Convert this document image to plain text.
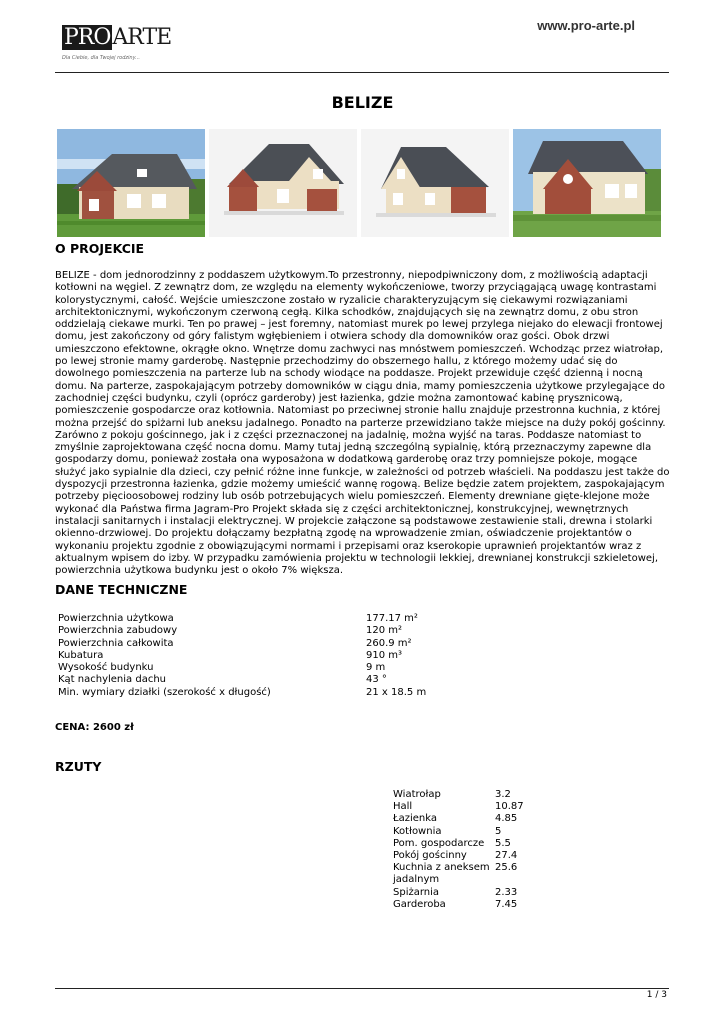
PROARTE
Dla Ciebie, dla Twojej rodziny...
www.pro-arte.pl
BELIZE
O PROJEKCIE
BELIZE - dom jednorodzinny z poddaszem użytkowym.To przestronny, niepodpiwniczony dom, z możliwością adaptacji kotłowni na węgiel. Z zewnątrz dom, ze względu na elementy wykończeniowe, tworzy przyciągającą uwagę kontrastami kolorystycznymi, całość. Wejście umieszczone zostało w ryzalicie charakteryzującym się ciekawymi rozwiązaniami architektonicznymi, wykończonym czerwoną cegłą. Kilka schodków, znajdujących się na zewnątrz domu, z obu stron oddzielają ciekawe murki. Ten po prawej – jest foremny, natomiast murek po lewej przylega niejako do elewacji frontowej domu, jest zakończony od góry falistym wgłębieniem i otwiera schody dla domowników oraz gości. Obok drzwi umieszczono efektowne, okrągłe okno. Wnętrze domu zachwyci nas mnóstwem pomieszczeń. Wchodząc przez wiatrołap, po lewej stronie mamy garderobę. Następnie przechodzimy do obszernego hallu, z którego możemy udać się do dowolnego pomieszczenia na parterze lub na schody wiodące na poddasze. Projekt przewiduje część dzienną i nocną domu. Na parterze, zaspokajającym potrzeby domowników w ciągu dnia, mamy pomieszczenia użytkowe przylegające do zachodniej części budynku, czyli (oprócz garderoby) jest łazienka, gdzie można zamontować kabinę prysznicową, pomieszczenie gospodarcze oraz kotłownia. Natomiast po przeciwnej stronie hallu znajduje przestronna kuchnia, z której można przejść do spiżarni lub aneksu jadalnego. Ponadto na parterze przewidziano także miejsce na duży pokój gościnny. Zarówno z pokoju gościnnego, jak i z części przeznaczonej na jadalnię, można wyjść na taras. Poddasze natomiast to zmyślnie zaprojektowana część nocna domu. Mamy tutaj jedną szczególną sypialnię, którą przeznaczymy zapewne dla gospodarzy domu, ponieważ została ona wyposażona w dodatkową garderobę oraz trzy pomniejsze pokoje, mogące służyć jako sypialnie dla dzieci, czy pełnić różne inne funkcje, w zależności od potrzeb właścieli. Na poddaszu jest także do dyspozycji przestronna łazienka, gdzie możemy umieścić wannę rogową. Belize będzie zatem projektem, zaspokajającym potrzeby pięcioosobowej rodziny lub osób potrzebujących wielu pomieszczeń. Elementy drewniane gięte-klejone może wykonać dla Państwa firma Jagram-Pro Projekt składa się z części architektonicznej, konstrukcyjnej, wewnętrznych instalacji sanitarnych i instalacji elektrycznej. W projekcie załączone są podstawowe zestawienie stali, drewna i stolarki okienno-drzwiowej. Do projektu dołączamy bezpłatną zgodę na wprowadzenie zmian, oświadczenie projektantów o wykonaniu projektu zgodnie z obowiązującymi normami i przepisami oraz kserokopie uprawnień projektantów wraz z aktualnym wpisem do izby. W przypadku zamówienia projektu w technologii lekkiej, drewnianej konstrukcji szkieletowej, powierzchnia użytkowa budynku jest o około 7% większa.
DANE TECHNICZNE
Powierzchnia użytkowa	177.17 m²
Powierzchnia zabudowy	120 m²
Powierzchnia całkowita	260.9 m²
Kubatura	910 m³
Wysokość budynku	9 m
Kąt nachylenia dachu	43 °
Min. wymiary działki (szerokość x długość)	21 x 18.5 m
CENA: 2600 zł
RZUTY
Wiatrołap	3.2
Hall	10.87
Łazienka	4.85
Kotłownia	5
Pom. gospodarcze	5.5
Pokój gościnny	27.4
Kuchnia z aneksem jadalnym
25.6
Spiżarnia	2.33
Garderoba	7.45
1 / 3
